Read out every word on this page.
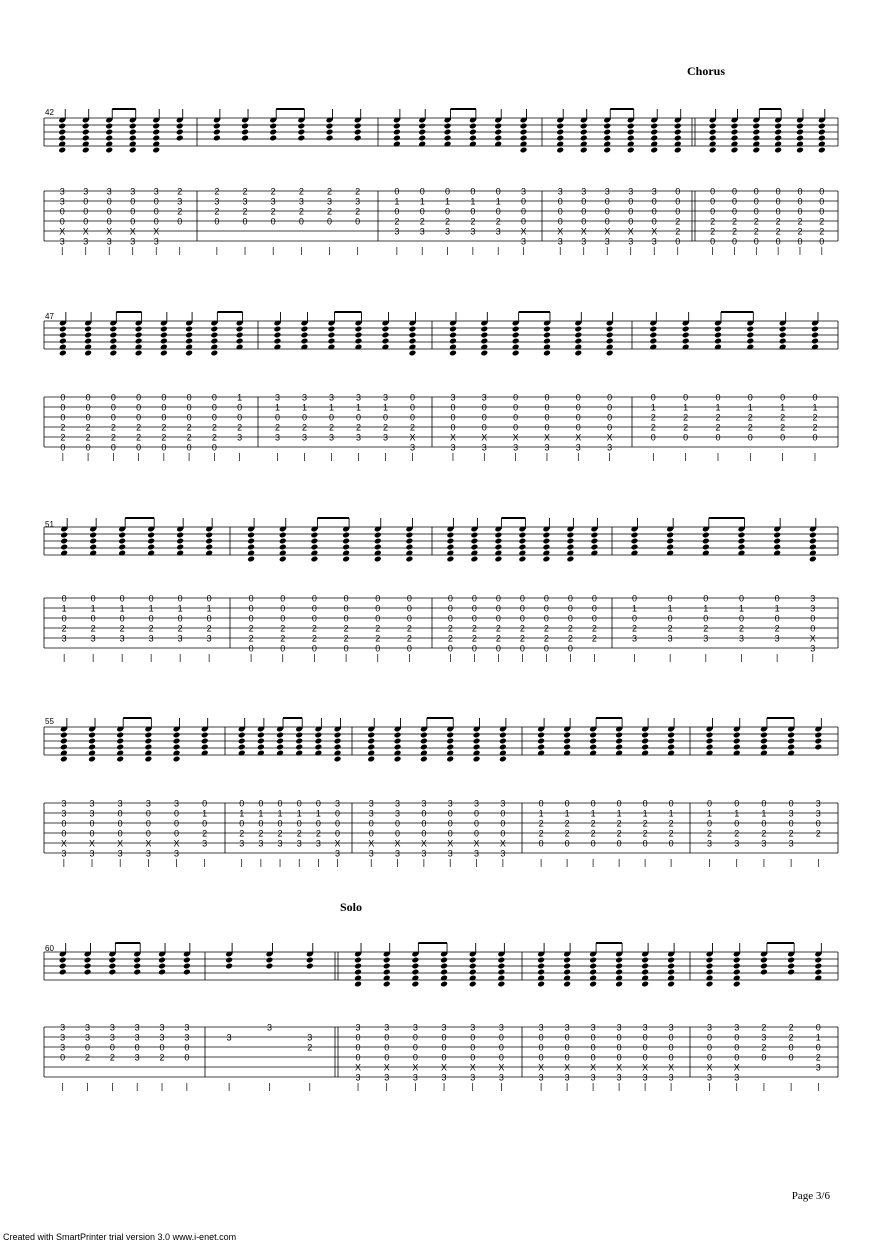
Chorus
Solo
42
47
51
55
60
3
3
0
0
X
3
3
0
0
0
X
3
3
0
0
0
X
3
3
0
0
0
X
3
3
0
0
0
X
3
2
3
2
0
2
3
2
0
2
3
2
0
2
3
2
0
2
3
2
0
2
3
2
0
2
3
2
0
0
1
0
2
3
0
1
0
2
3
0
1
0
2
3
0
1
0
2
3
0
1
0
2
3
3
0
0
0
X
3
3
0
0
0
X
3
3
0
0
0
X
3
3
0
0
0
X
3
3
0
0
0
X
3
3
0
0
0
X
3
0
0
0
2
2
0
0
0
0
2
2
0
0
0
0
2
2
0
0
0
0
2
2
0
0
0
0
2
2
0
0
0
0
2
2
0
0
0
0
2
2
0
0
0
0
2
2
0
0
0
0
2
2
0
0
0
0
2
2
0
0
0
0
2
2
0
0
0
0
2
2
0
0
0
0
2
2
0
0
0
0
2
2
0
1
0
0
2
3
3
1
0
2
3
3
1
0
2
3
3
1
0
2
3
3
1
0
2
3
3
1
0
2
3
0
0
0
2
X
3
3
0
0
0
X
3
3
0
0
0
X
3
0
0
0
0
X
3
0
0
0
0
X
3
0
0
0
0
X
3
0
0
0
0
X
3
0
1
2
2
0
0
1
2
2
0
0
1
2
2
0
0
1
2
2
0
0
1
2
2
0
0
1
2
2
0
0
1
0
2
3
0
1
0
2
3
0
1
0
2
3
0
1
0
2
3
0
1
0
2
3
0
1
0
2
3
0
0
0
2
2
0
0
0
0
2
2
0
0
0
0
2
2
0
0
0
0
2
2
0
0
0
0
2
2
0
0
0
0
2
2
0
0
0
0
2
2
0
0
0
0
2
2
0
0
0
0
2
2
0
0
0
0
2
2
0
0
0
0
2
2
0
0
0
0
2
2
0
0
0
0
2
2
0
1
0
2
3
0
1
0
2
3
0
1
0
2
3
0
1
0
2
3
0
1
0
2
3
3
3
0
0
X
3
3
3
0
0
X
3
3
3
0
0
X
3
3
0
0
0
X
3
3
0
0
0
X
3
3
0
0
0
X
3
0
1
0
2
3
0
1
0
2
3
0
1
0
2
3
0
1
0
2
3
0
1
0
2
3
0
1
0
2
3
3
0
0
0
X
3
3
3
0
0
X
3
3
3
0
0
X
3
3
0
0
0
X
3
3
0
0
0
X
3
3
0
0
0
X
3
3
0
0
0
X
3
0
1
2
2
0
0
1
2
2
0
0
1
2
2
0
0
1
2
2
0
0
1
2
2
0
0
1
2
2
0
0
1
0
2
3
0
1
0
2
3
0
1
0
2
3
0
3
0
2
3
3
3
0
2
3
3
3
0
3
3
0
2
3
3
0
2
3
3
0
3
3
3
0
2
3
3
0
0
3
3
3
2
3
0
0
0
X
3
3
0
0
0
X
3
3
0
0
0
X
3
3
0
0
0
X
3
3
0
0
0
X
3
3
0
0
0
X
3
3
0
0
0
X
3
3
0
0
0
X
3
3
0
0
0
X
3
3
0
0
0
X
3
3
0
0
0
X
3
3
0
0
0
X
3
3
0
0
0
X
3
3
0
0
0
X
3
2
3
2
0
2
2
0
0
0
1
0
2
3
Page 3/6
Created with SmartPrinter trial version 3.0 www.i-enet.com
